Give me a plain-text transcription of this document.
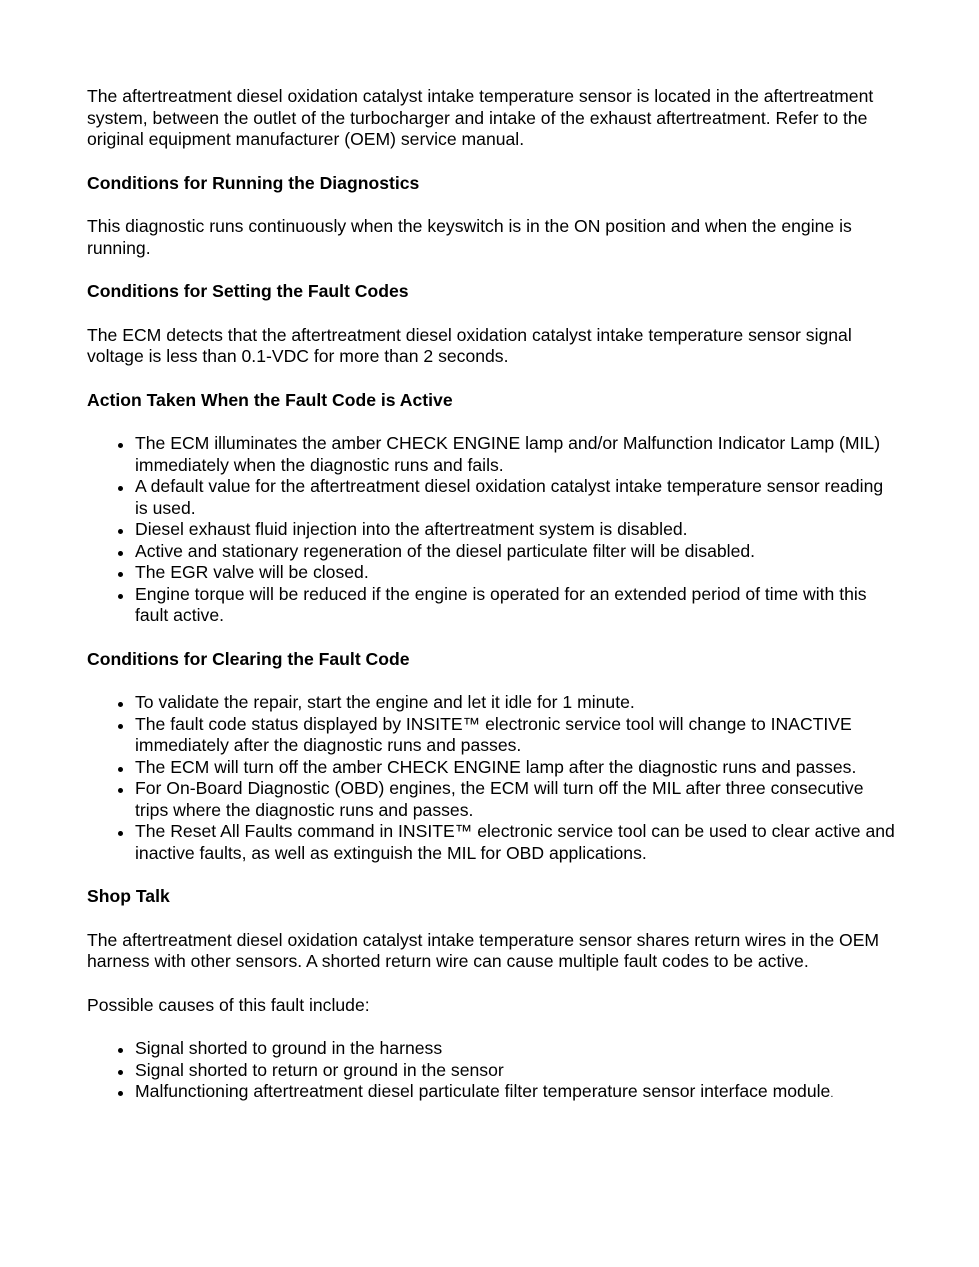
The aftertreatment diesel oxidation catalyst intake temperature sensor is located in the aftertreatment system, between the outlet of the turbocharger and intake of the exhaust aftertreatment. Refer to the original equipment manufacturer (OEM) service manual.

Conditions for Running the Diagnostics

This diagnostic runs continuously when the keyswitch is in the ON position and when the engine is running.

Conditions for Setting the Fault Codes

The ECM detects that the aftertreatment diesel oxidation catalyst intake temperature sensor signal voltage is less than 0.1-VDC for more than 2 seconds.

Action Taken When the Fault Code is Active
The ECM illuminates the amber CHECK ENGINE lamp and/or Malfunction Indicator Lamp (MIL) immediately when the diagnostic runs and fails.
A default value for the aftertreatment diesel oxidation catalyst intake temperature sensor reading is used.
Diesel exhaust fluid injection into the aftertreatment system is disabled.
Active and stationary regeneration of the diesel particulate filter will be disabled.
The EGR valve will be closed.
Engine torque will be reduced if the engine is operated for an extended period of time with this fault active.
Conditions for Clearing the Fault Code
To validate the repair, start the engine and let it idle for 1 minute.
The fault code status displayed by INSITE™ electronic service tool will change to INACTIVE immediately after the diagnostic runs and passes.
The ECM will turn off the amber CHECK ENGINE lamp after the diagnostic runs and passes.
For On-Board Diagnostic (OBD) engines, the ECM will turn off the MIL after three consecutive trips where the diagnostic runs and passes.
The Reset All Faults command in INSITE™ electronic service tool can be used to clear active and inactive faults, as well as extinguish the MIL for OBD applications.
Shop Talk

The aftertreatment diesel oxidation catalyst intake temperature sensor shares return wires in the OEM harness with other sensors. A shorted return wire can cause multiple fault codes to be active.

Possible causes of this fault include:

Signal shorted to ground in the harness
Signal shorted to return or ground in the sensor
Malfunctioning aftertreatment diesel particulate filter temperature sensor interface module.
